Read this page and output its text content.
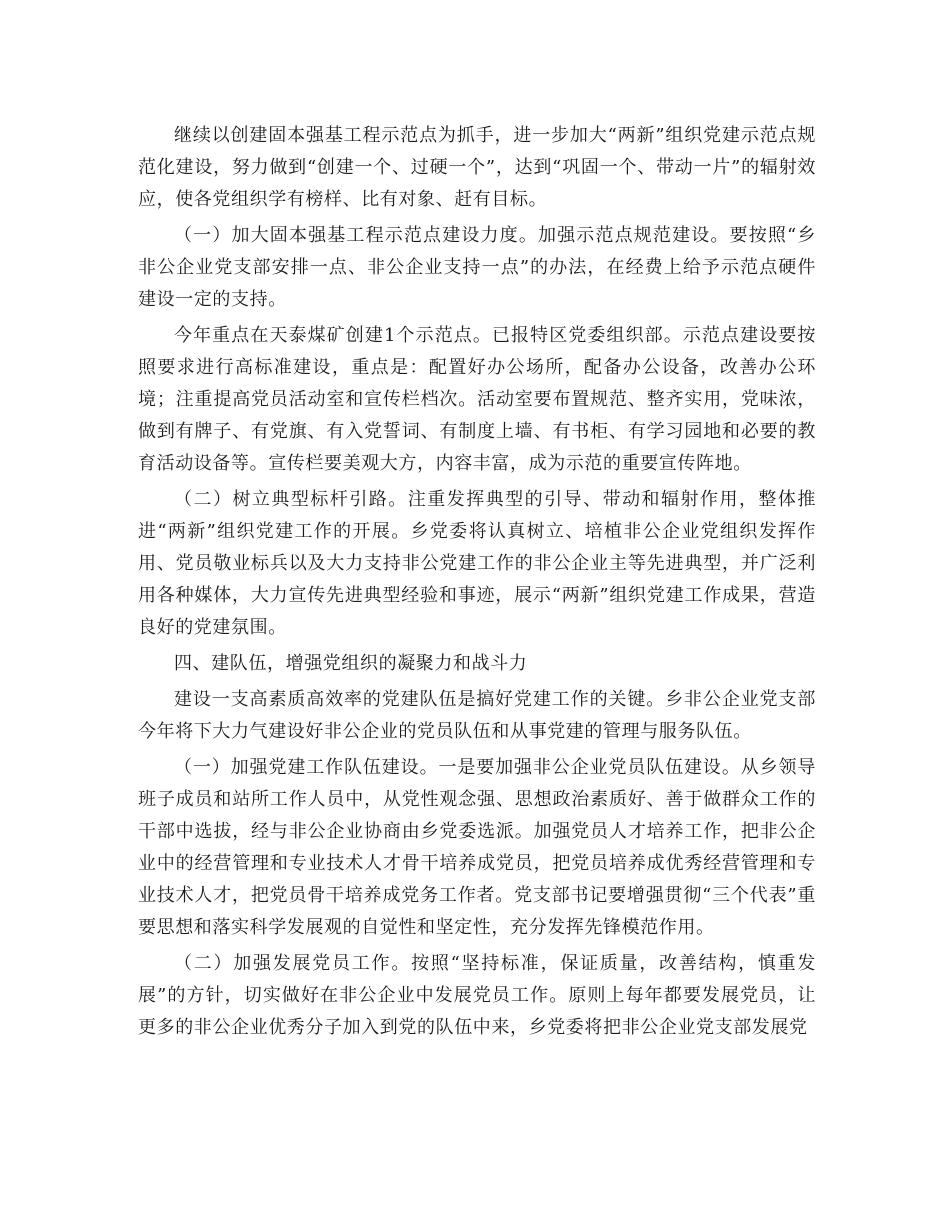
继续以创建固本强基工程示范点为抓手，进一步加大“两新”组织党建示范点规范化建设，努力做到“创建一个、过硬一个”，达到“巩固一个、带动一片”的辐射效应，使各党组织学有榜样、比有对象、赶有目标。

（一）加大固本强基工程示范点建设力度。加强示范点规范建设。要按照“乡非公企业党支部安排一点、非公企业支持一点”的办法，在经费上给予示范点硬件建设一定的支持。

今年重点在天泰煤矿创建1个示范点。已报特区党委组织部。示范点建设要按照要求进行高标准建设，重点是：配置好办公场所，配备办公设备，改善办公环境；注重提高党员活动室和宣传栏档次。活动室要布置规范、整齐实用，党味浓，做到有牌子、有党旗、有入党誓词、有制度上墙、有书柜、有学习园地和必要的教育活动设备等。宣传栏要美观大方，内容丰富，成为示范的重要宣传阵地。

（二）树立典型标杆引路。注重发挥典型的引导、带动和辐射作用，整体推进“两新”组织党建工作的开展。乡党委将认真树立、培植非公企业党组织发挥作用、党员敬业标兵以及大力支持非公党建工作的非公企业主等先进典型，并广泛利用各种媒体，大力宣传先进典型经验和事迹，展示“两新”组织党建工作成果，营造良好的党建氛围。

四、建队伍，增强党组织的凝聚力和战斗力

建设一支高素质高效率的党建队伍是搞好党建工作的关键。乡非公企业党支部今年将下大力气建设好非公企业的党员队伍和从事党建的管理与服务队伍。

（一）加强党建工作队伍建设。一是要加强非公企业党员队伍建设。从乡领导班子成员和站所工作人员中，从党性观念强、思想政治素质好、善于做群众工作的干部中选拔，经与非公企业协商由乡党委选派。加强党员人才培养工作，把非公企业中的经营管理和专业技术人才骨干培养成党员，把党员培养成优秀经营管理和专业技术人才，把党员骨干培养成党务工作者。党支部书记要增强贯彻“三个代表”重要思想和落实科学发展观的自觉性和坚定性，充分发挥先锋模范作用。

（二）加强发展党员工作。按照“坚持标准，保证质量，改善结构，慎重发展”的方针，切实做好在非公企业中发展党员工作。原则上每年都要发展党员，让更多的非公企业优秀分子加入到党的队伍中来，乡党委将把非公企业党支部发展党
